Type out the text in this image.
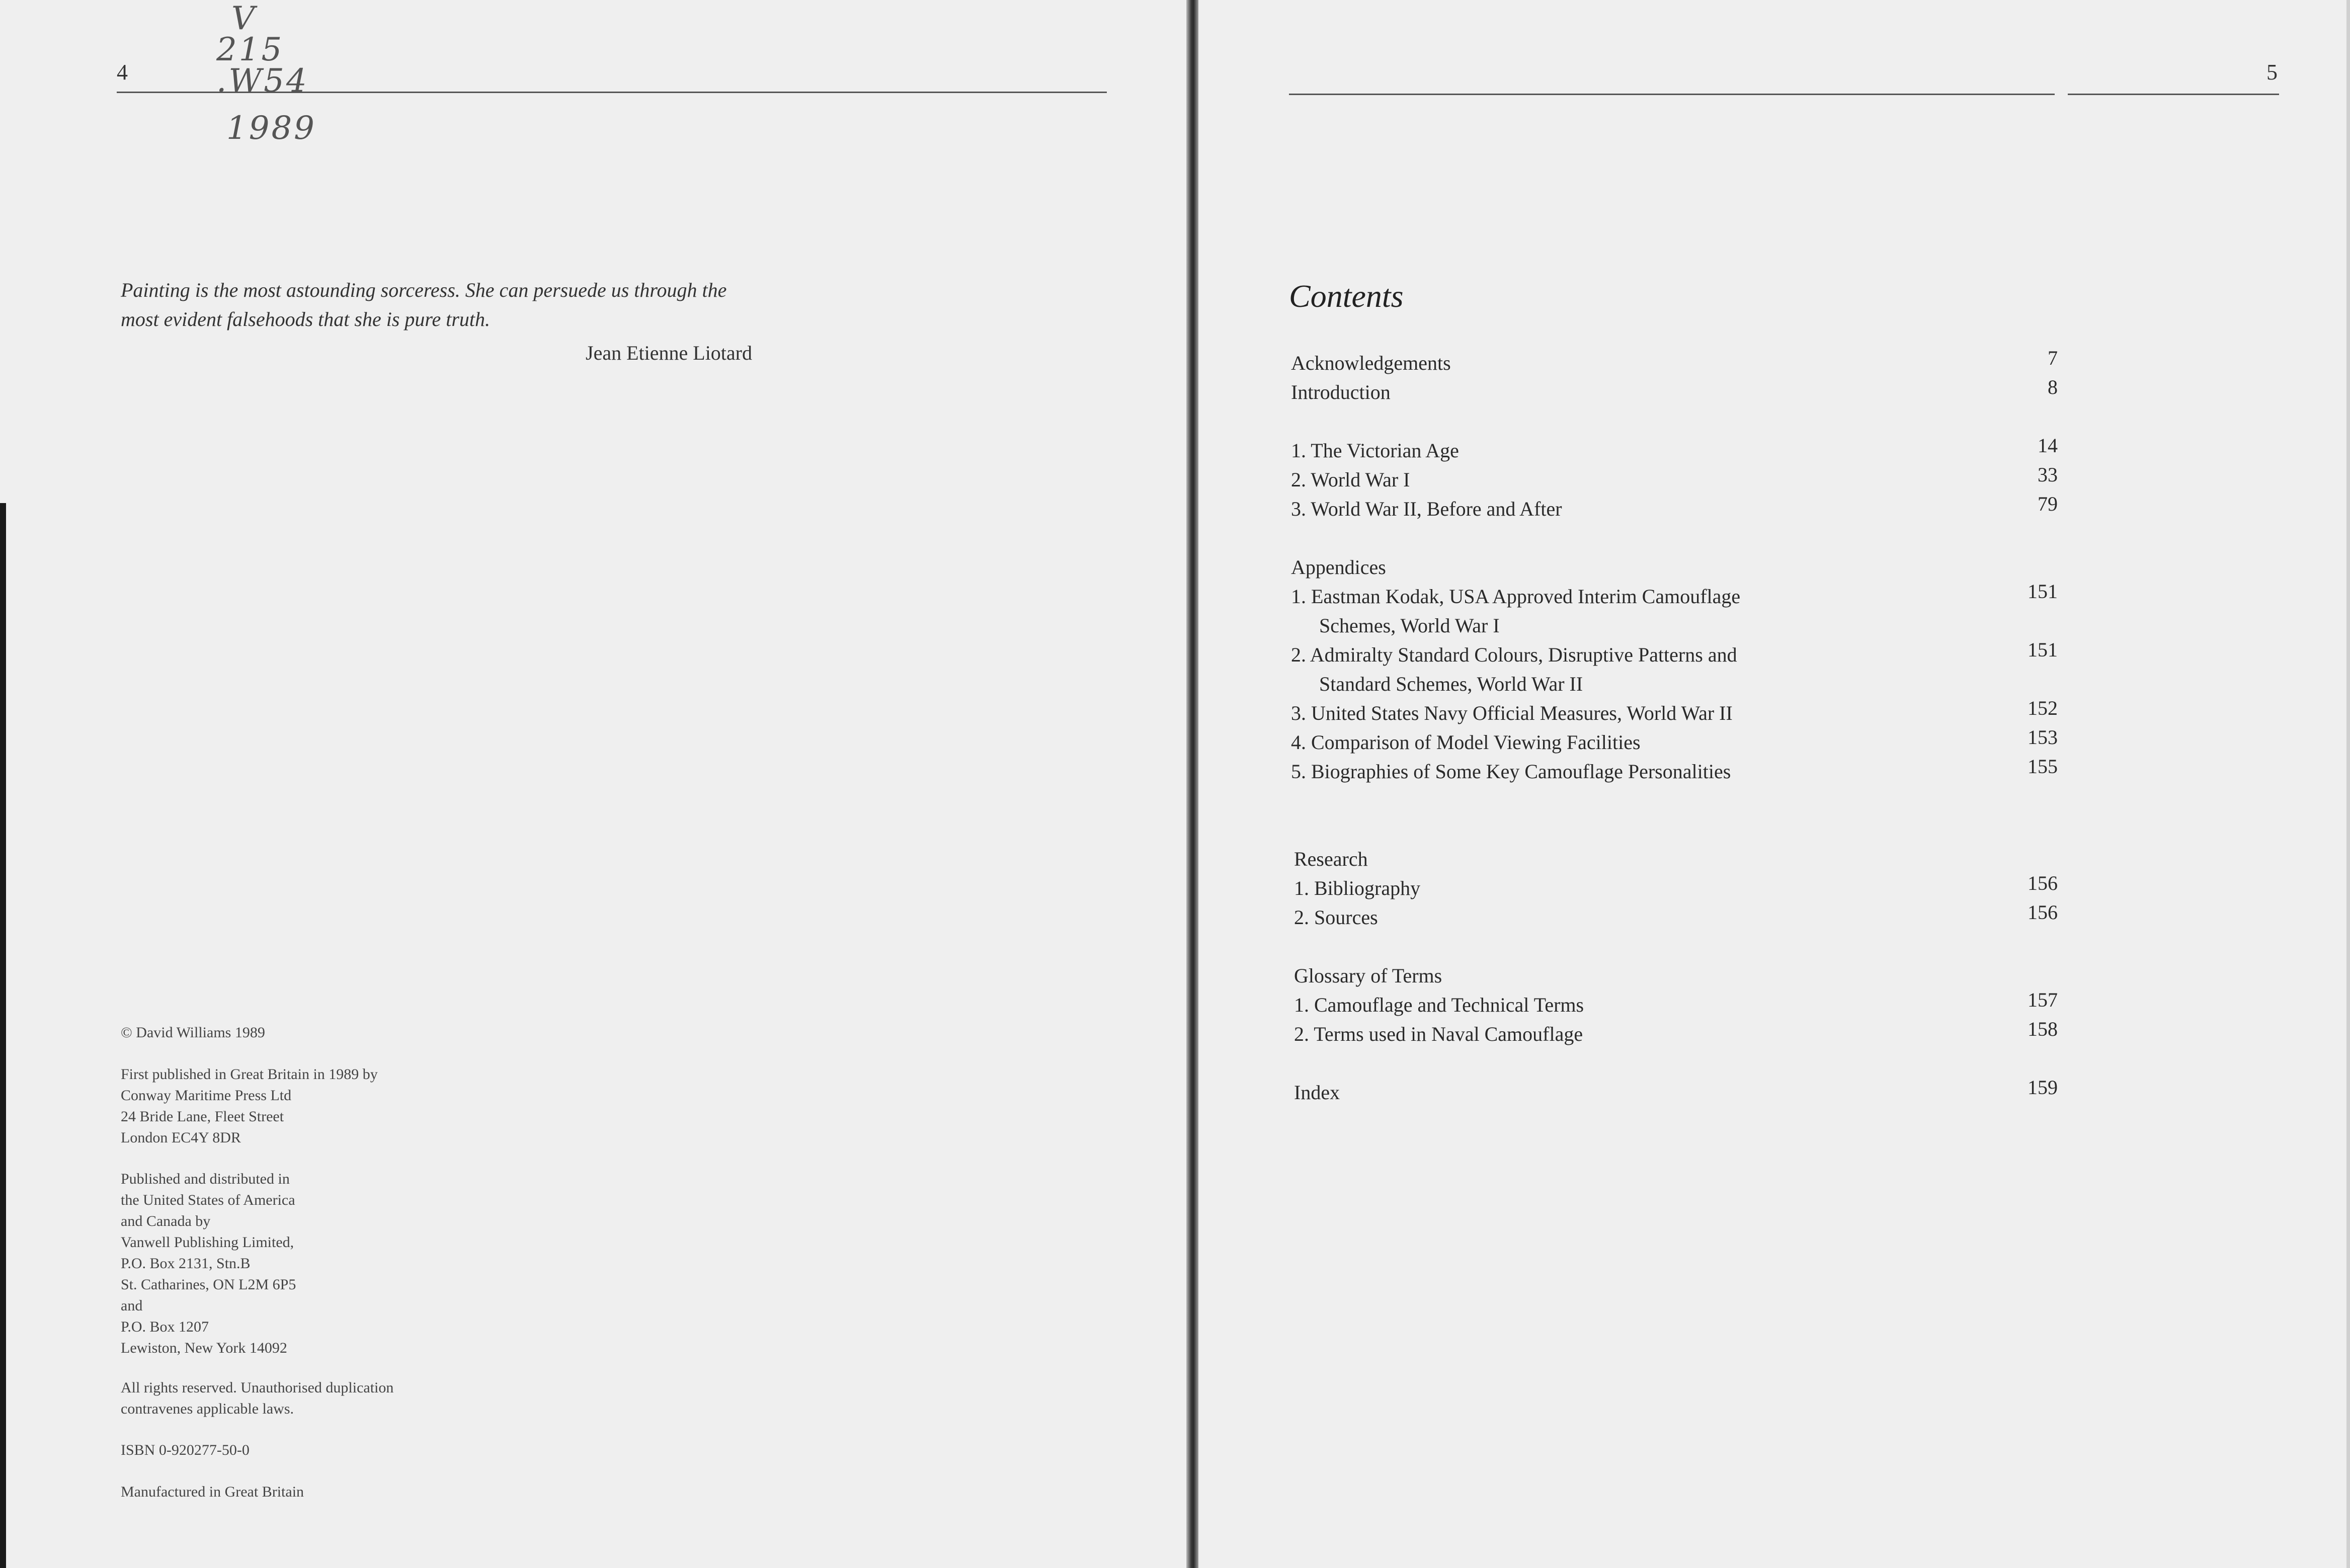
4
V
215
.W54
1989
Painting is the most astounding sorceress. She can persuede us through the
most evident falsehoods that she is pure truth.
Jean Etienne Liotard
© David Williams 1989
First published in Great Britain in 1989 by
Conway Maritime Press Ltd
24 Bride Lane, Fleet Street
London EC4Y 8DR
Published and distributed in
the United States of America
and Canada by
Vanwell Publishing Limited,
P.O. Box 2131, Stn.B
St. Catharines, ON L2M 6P5
and
P.O. Box 1207
Lewiston, New York 14092
All rights reserved. Unauthorised duplication
contravenes applicable laws.
ISBN 0-920277-50-0
Manufactured in Great Britain
5
Contents
Acknowledgements	7
Introduction	8
1. The Victorian Age	14
2. World War I	33
3. World War II, Before and After	79
Appendices
1. Eastman Kodak, USA Approved Interim Camouflage
Schemes, World War I
151
2. Admiralty Standard Colours, Disruptive Patterns and
Standard Schemes, World War II
151
3. United States Navy Official Measures, World War II	152
4. Comparison of Model Viewing Facilities	153
5. Biographies of Some Key Camouflage Personalities	155
Research
1. Bibliography	156
2. Sources	156
Glossary of Terms
1. Camouflage and Technical Terms	157
2. Terms used in Naval Camouflage	158
Index	159
